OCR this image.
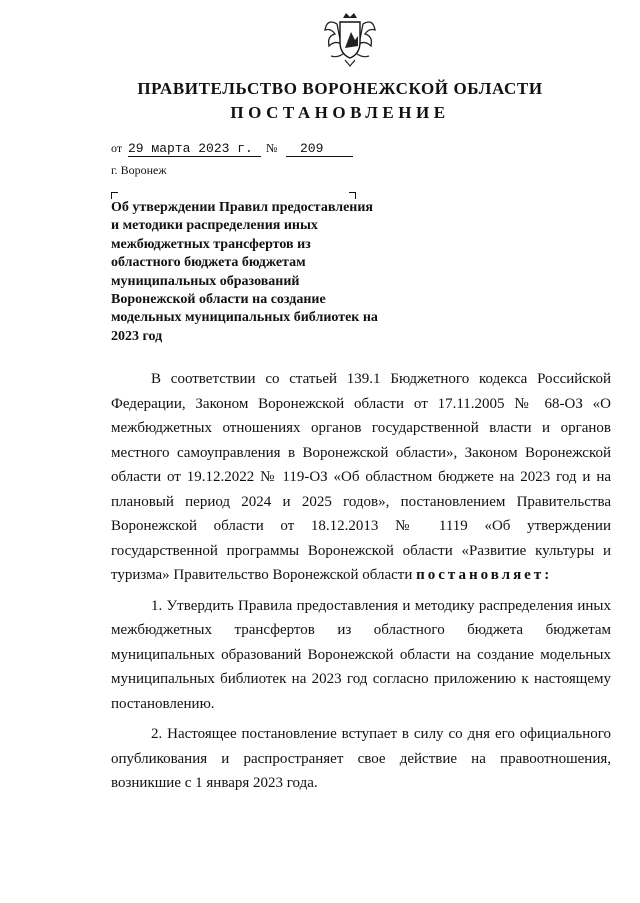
ПРАВИТЕЛЬСТВО ВОРОНЕЖСКОЙ ОБЛАСТИ
ПОСТАНОВЛЕНИЕ
от 29 марта 2023 г.	№	209
г. Воронеж
Об утверждении Правил предоставления и методики распределения иных межбюджетных трансфертов из областного бюджета бюджетам муниципальных образований Воронежской области на создание модельных муниципальных библиотек на 2023 год

В соответствии со статьей 139.1 Бюджетного кодекса Российской Федерации, Законом Воронежской области от 17.11.2005 № 68-ОЗ «О межбюджетных отношениях органов государственной власти и органов местного самоуправления в Воронежской области», Законом Воронежской области от 19.12.2022 № 119-ОЗ «Об областном бюджете на 2023 год и на плановый период 2024 и 2025 годов», постановлением Правительства Воронежской области от 18.12.2013 № 1119 «Об утверждении государственной программы Воронежской области «Развитие культуры и туризма» Правительство Воронежской области постановляет:

1. Утвердить Правила предоставления и методику распределения иных межбюджетных трансфертов из областного бюджета бюджетам муниципальных образований Воронежской области на создание модельных муниципальных библиотек на 2023 год согласно приложению к настоящему постановлению.

2. Настоящее постановление вступает в силу со дня его официального опубликования и распространяет свое действие на правоотношения, возникшие с 1 января 2023 года.
